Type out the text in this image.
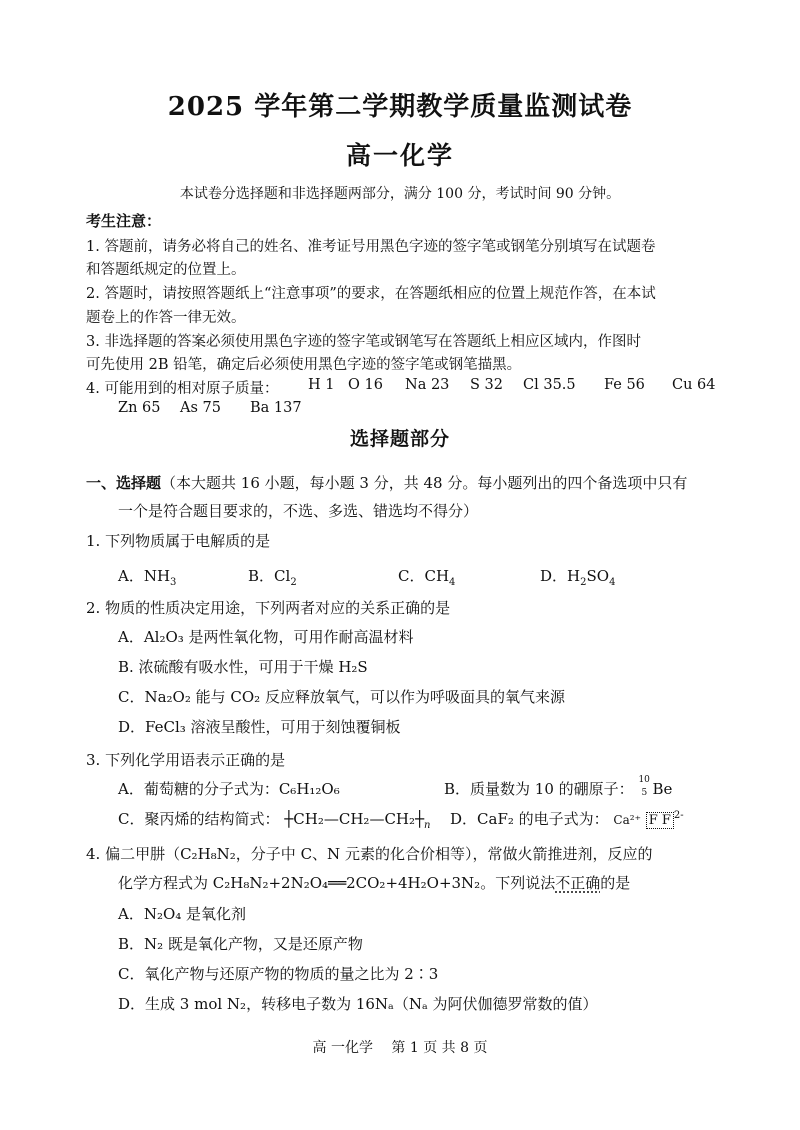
2025 学年第二学期教学质量监测试卷
高一化学
本试卷分选择题和非选择题两部分，满分 100 分，考试时间 90 分钟。
考生注意：
1. 答题前，请务必将自己的姓名、准考证号用黑色字迹的签字笔或钢笔分别填写在试题卷
和答题纸规定的位置上。
2. 答题时，请按照答题纸上“注意事项”的要求，在答题纸相应的位置上规范作答，在本试
题卷上的作答一律无效。
3. 非选择题的答案必须使用黑色字迹的签字笔或钢笔写在答题纸上相应区域内，作图时
可先使用 2B 铅笔，确定后必须使用黑色字迹的签字笔或钢笔描黑。
4. 可能用到的相对原子质量： H 1 O 16 Na 23 S 32 Cl 35.5 Fe 56 Cu 64
Zn 65 As 75 Ba 137
选择题部分
一、选择题（本大题共 16 小题，每小题 3 分，共 48 分。每小题列出的四个备选项中只有
一个是符合题目要求的，不选、多选、错选均不得分）
1. 下列物质属于电解质的是
A．$NH_3$	B．$Cl_2$	C．$CH_4$	D．$H_2SO_4$
2. 物质的性质决定用途，下列两者对应的关系正确的是
A．Al₂O₃ 是两性氧化物，可用作耐高温材料
B. 浓硫酸有吸水性，可用于干燥 H₂S
C．Na₂O₂ 能与 CO₂ 反应释放氧气，可以作为呼吸面具的氧气来源
D．FeCl₃ 溶液呈酸性，可用于刻蚀覆铜板
3. 下列化学用语表示正确的是
A．葡萄糖的分子式为：C₆H₁₂O₆	B．质量数为 10 的硼原子： 10
5 Be
C．聚丙烯的结构简式： $┼CH_2—CH_2—CH_2┼_n$ D．CaF₂ 的电子式为： Ca²⁺ F F $^{2-}$
4. 偏二甲肼（C₂H₈N₂，分子中 C、N 元素的化合价相等），常做火箭推进剂，反应的
化学方程式为 C₂H₈N₂+2N₂O₄══2CO₂+4H₂O+3N₂。下列说法不正确的是
A．N₂O₄ 是氧化剂
B．N₂ 既是氧化产物，又是还原产物
C．氧化产物与还原产物的物质的量之比为 2∶3
D．生成 3 mol N₂，转移电子数为 16Nₐ（Nₐ 为阿伏伽德罗常数的值）
高 一化学　 第 1 页 共 8 页
